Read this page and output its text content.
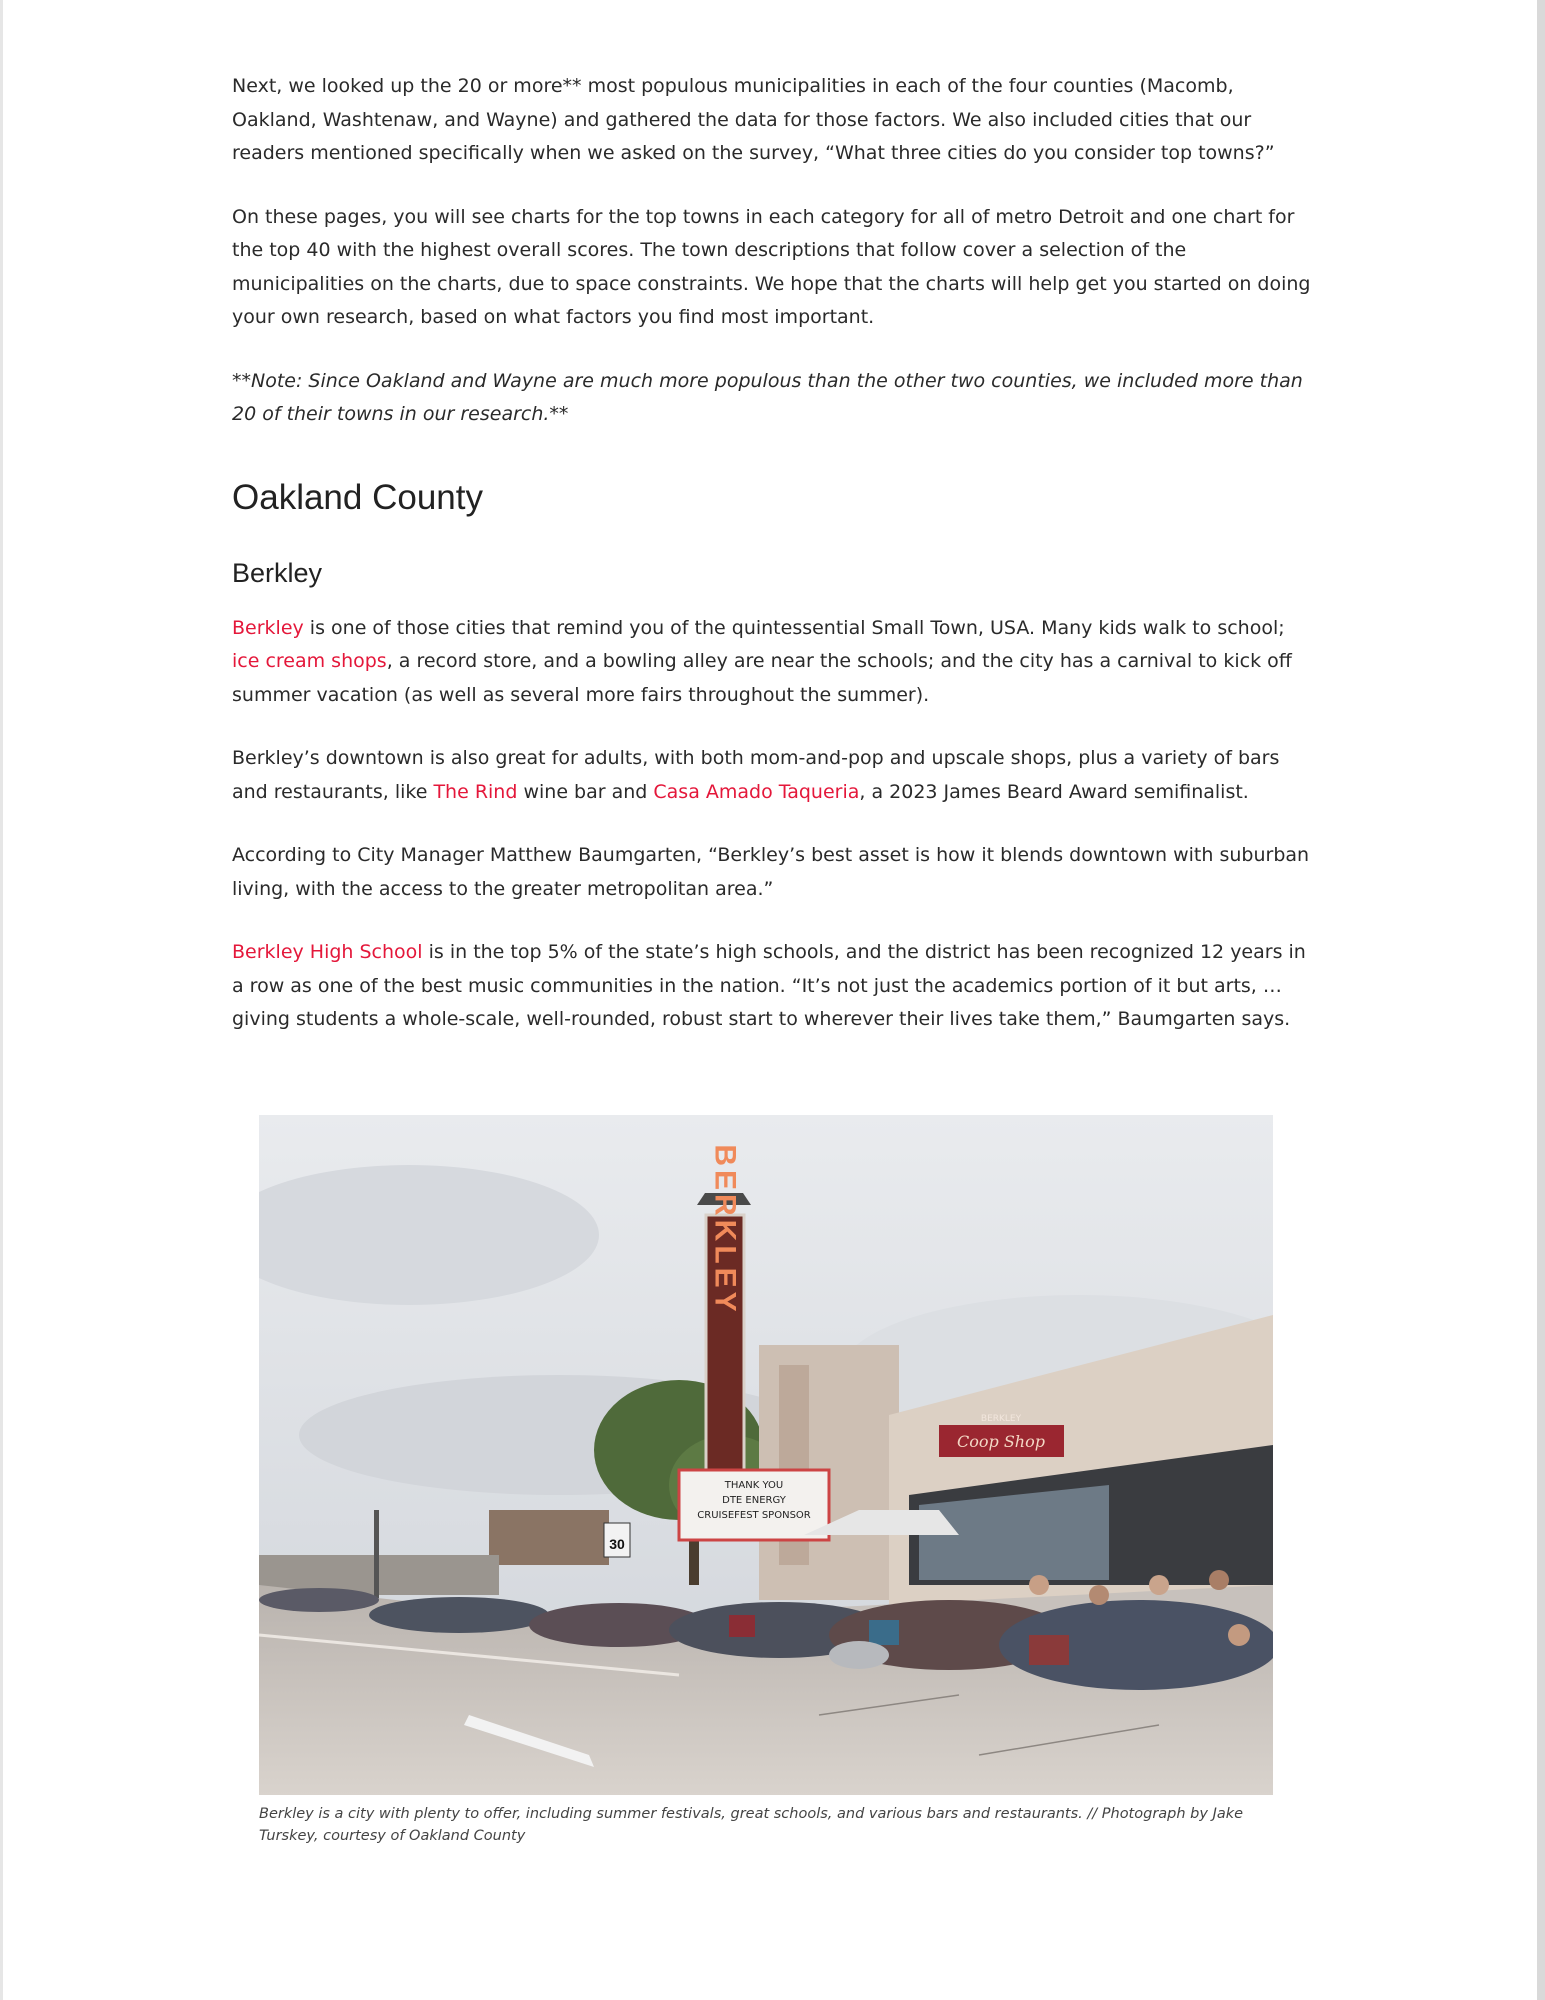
Next, we looked up the 20 or more** most populous municipalities in each of the four counties (Macomb, Oakland, Washtenaw, and Wayne) and gathered the data for those factors. We also included cities that our readers mentioned specifically when we asked on the survey, “What three cities do you consider top towns?”

On these pages, you will see charts for the top towns in each category for all of metro Detroit and one chart for the top 40 with the highest overall scores. The town descriptions that follow cover a selection of the municipalities on the charts, due to space constraints. We hope that the charts will help get you started on doing your own research, based on what factors you find most important.

**Note: Since Oakland and Wayne are much more populous than the other two counties, we included more than 20 of their towns in our research.**

Oakland County
Berkley

Berkley is one of those cities that remind you of the quintessential Small Town, USA. Many kids walk to school; ice cream shops, a record store, and a bowling alley are near the schools; and the city has a carnival to kick off summer vacation (as well as several more fairs throughout the summer).

Berkley’s downtown is also great for adults, with both mom-and-pop and upscale shops, plus a variety of bars and restaurants, like The Rind wine bar and Casa Amado Taqueria, a 2023 James Beard Award semifinalist.

According to City Manager Matthew Baumgarten, “Berkley’s best asset is how it blends downtown with suburban living, with the access to the greater metropolitan area.”

Berkley High School is in the top 5% of the state’s high schools, and the district has been recognized 12 years in a row as one of the best music communities in the nation. “It’s not just the academics portion of it but arts, … giving students a whole-scale, well-rounded, robust start to wherever their lives take them,” Baumgarten says.

BERKLEY
THANK YOU
DTE ENERGY
CRUISEFEST SPONSOR
BERKLEY
Coop Shop
30
Berkley is a city with plenty to offer, including summer festivals, great schools, and various bars and restaurants. // Photograph by Jake Turskey, courtesy of Oakland County
